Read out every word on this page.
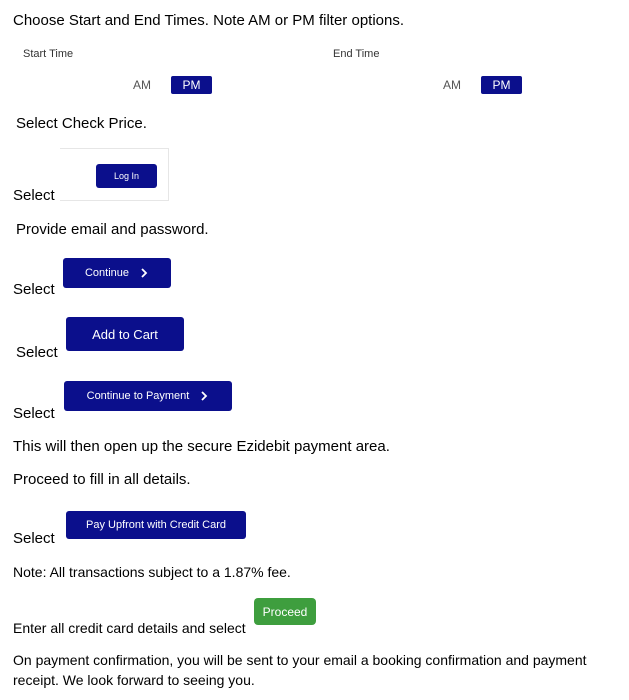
Choose Start and End Times. Note AM or PM filter options.
Start Time
AM	PM
End Time
AM	PM
Select Check Price.
Log In
Select
Provide email and password.
Continue
Select
Add to Cart
Select
Continue to Payment
Select
This will then open up the secure Ezidebit payment area.
Proceed to fill in all details.
Pay Upfront with Credit Card
Select
Note: All transactions subject to a 1.87% fee.
Proceed
Enter all credit card details and select
On payment confirmation, you will be sent to your email a booking confirmation and payment
receipt. We look forward to seeing you.
